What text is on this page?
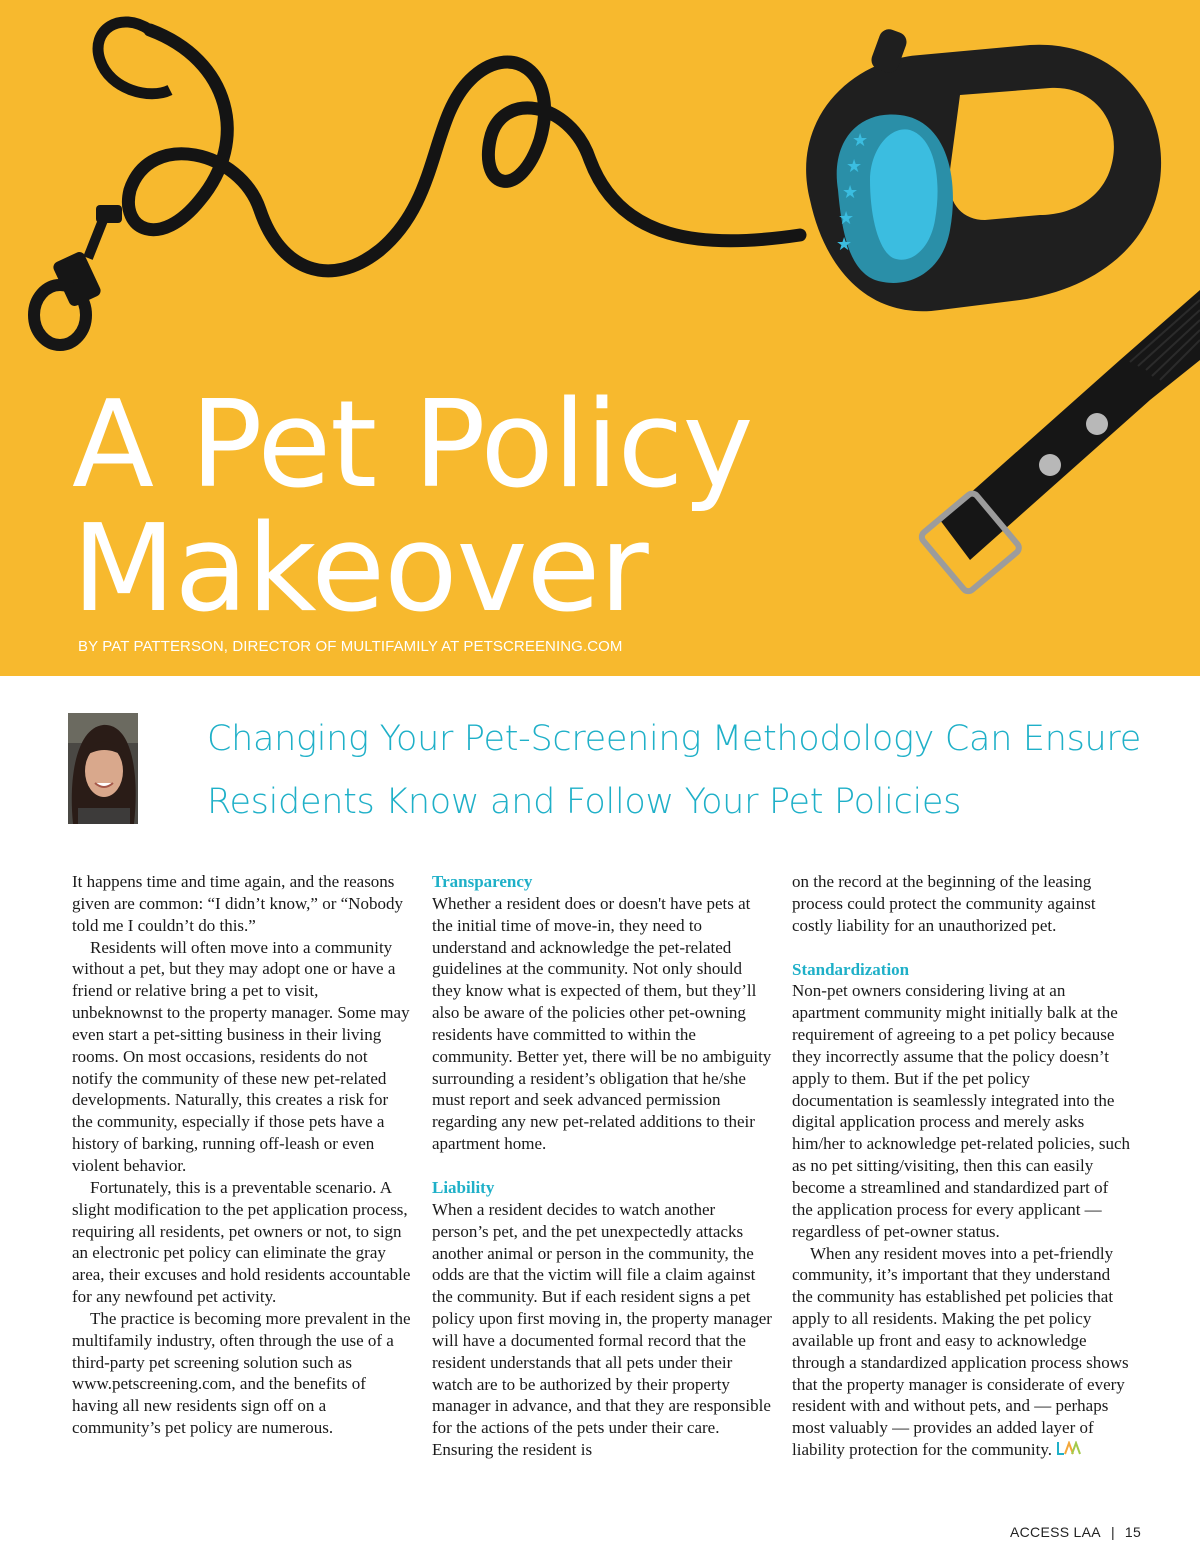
★
★
★
★
★
A Pet Policy
Makeover
BY PAT PATTERSON, DIRECTOR OF MULTIFAMILY AT PETSCREENING.COM
Changing Your Pet-Screening Methodology Can Ensure
Residents Know and Follow Your Pet Policies

It happens time and time again, and the reasons given are common: “I didn’t know,” or “Nobody told me I couldn’t do this.”

Residents will often move into a community without a pet, but they may adopt one or have a friend or relative bring a pet to visit, unbeknownst to the property manager. Some may even start a pet-sitting business in their living rooms. On most occasions, residents do not notify the community of these new pet-related developments. Naturally, this creates a risk for the community, especially if those pets have a history of barking, running off-leash or even violent behavior.

Fortunately, this is a preventable scenario. A slight modification to the pet application process, requiring all residents, pet owners or not, to sign an electronic pet policy can eliminate the gray area, their excuses and hold residents accountable for any newfound pet activity.

The practice is becoming more prevalent in the multifamily industry, often through the use of a third-party pet screening solution such as www.petscreening.com, and the benefits of having all new residents sign off on a community’s pet policy are numerous.

Transparency

Whether a resident does or doesn't have pets at the initial time of move-in, they need to understand and acknowledge the pet-related guidelines at the community. Not only should they know what is expected of them, but they’ll also be aware of the policies other pet-owning residents have committed to within the community. Better yet, there will be no ambiguity surrounding a resident’s obligation that he/she must report and seek advanced permission regarding any new pet-related additions to their apartment home.

Liability

When a resident decides to watch another person’s pet, and the pet unexpectedly attacks another animal or person in the community, the odds are that the victim will file a claim against the community. But if each resident signs a pet policy upon first moving in, the property manager will have a documented formal record that the resident understands that all pets under their watch are to be authorized by their property manager in advance, and that they are responsible for the actions of the pets under their care. Ensuring the resident is

on the record at the beginning of the leasing process could protect the community against costly liability for an unauthorized pet.

Standardization

Non-pet owners considering living at an apartment community might initially balk at the requirement of agreeing to a pet policy because they incorrectly assume that the policy doesn’t apply to them. But if the pet policy documentation is seamlessly integrated into the digital application process and merely asks him/her to acknowledge pet-related policies, such as no pet sitting/visiting, then this can easily become a streamlined and standardized part of the application process for every applicant — regardless of pet-owner status.

When any resident moves into a pet-friendly community, it’s important that they understand the community has established pet policies that apply to all residents. Making the pet policy available up front and easy to acknowledge through a standardized application process shows that the property manager is considerate of every resident with and without pets, and — perhaps most valuably — provides an added layer of liability protection for the community.

ACCESS LAA | 15
